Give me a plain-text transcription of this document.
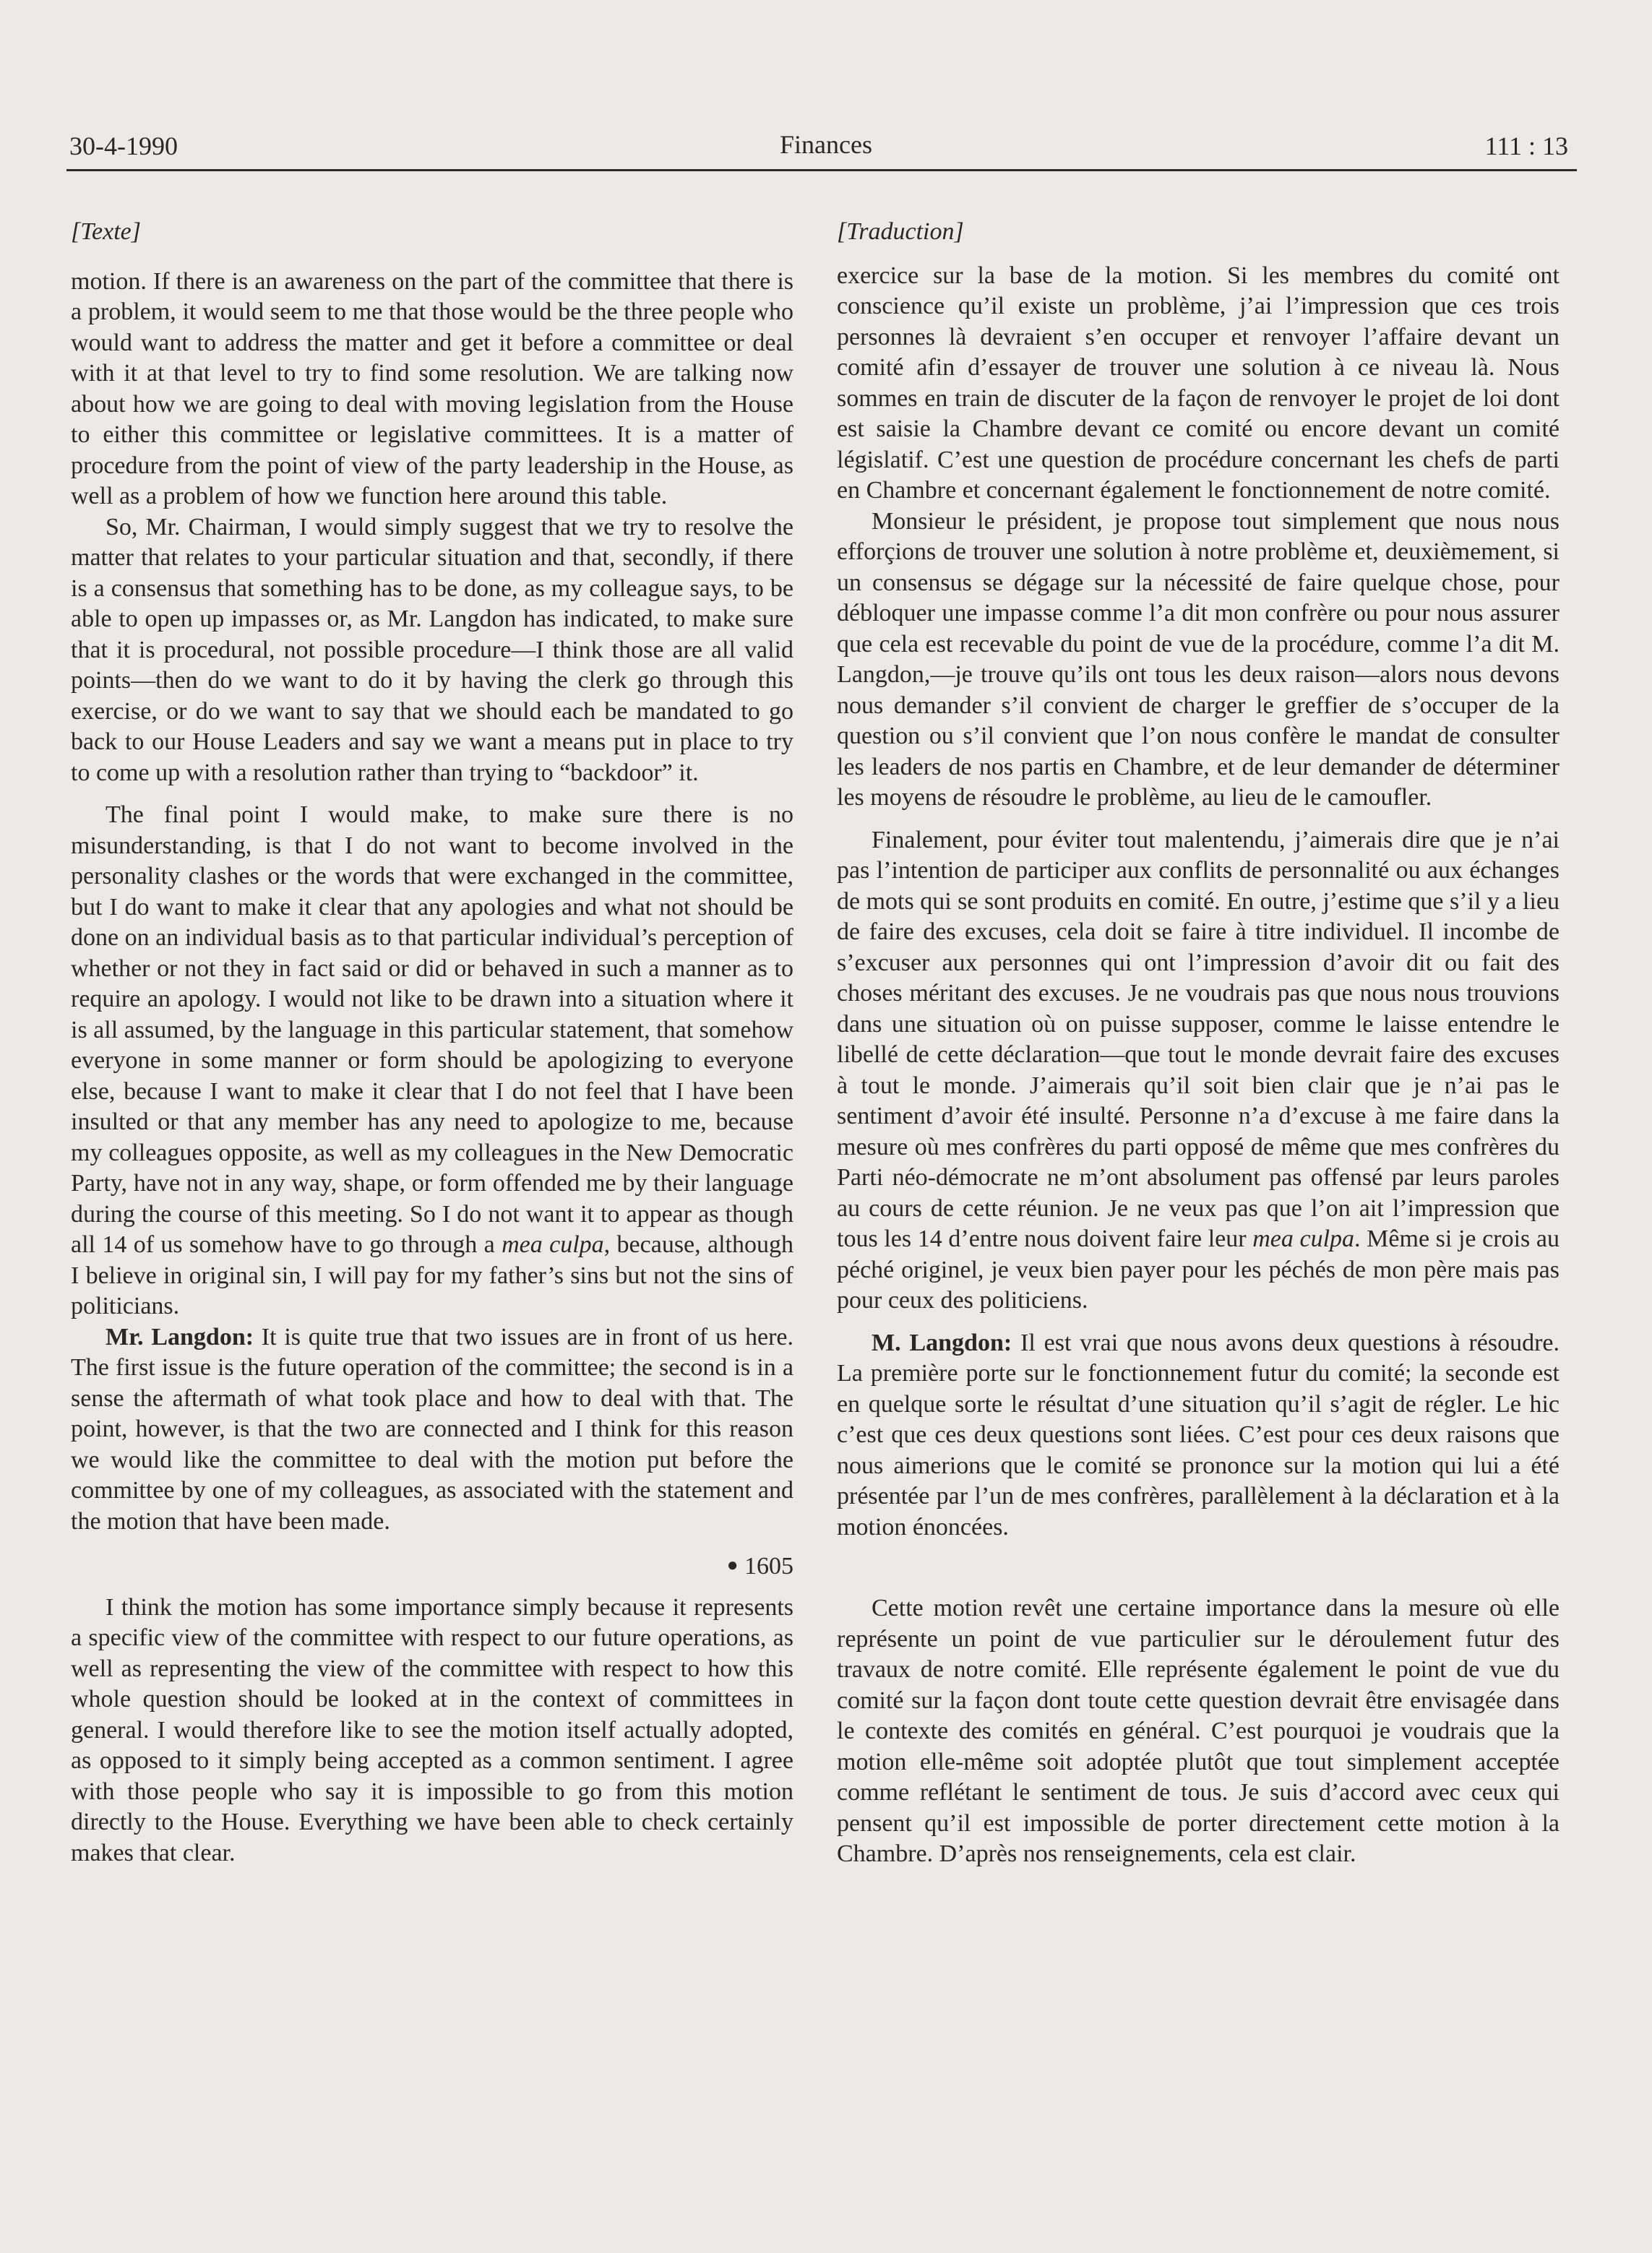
30-4-1990	Finances	111 : 13
[Texte]

motion. If there is an awareness on the part of the committee that there is a problem, it would seem to me that those would be the three people who would want to address the matter and get it before a committee or deal with it at that level to try to find some resolution. We are talking now about how we are going to deal with moving legislation from the House to either this committee or legislative committees. It is a matter of procedure from the point of view of the party leadership in the House, as well as a problem of how we function here around this table.

So, Mr. Chairman, I would simply suggest that we try to resolve the matter that relates to your particular situation and that, secondly, if there is a consensus that something has to be done, as my colleague says, to be able to open up impasses or, as Mr. Langdon has indicated, to make sure that it is procedural, not possible procedure—I think those are all valid points—then do we want to do it by having the clerk go through this exercise, or do we want to say that we should each be mandated to go back to our House Leaders and say we want a means put in place to try to come up with a resolution rather than trying to “backdoor” it.

The final point I would make, to make sure there is no misunderstanding, is that I do not want to become involved in the personality clashes or the words that were exchanged in the committee, but I do want to make it clear that any apologies and what not should be done on an individual basis as to that particular individual’s perception of whether or not they in fact said or did or behaved in such a manner as to require an apology. I would not like to be drawn into a situation where it is all assumed, by the language in this particular statement, that somehow everyone in some manner or form should be apologizing to everyone else, because I want to make it clear that I do not feel that I have been insulted or that any member has any need to apologize to me, because my colleagues opposite, as well as my colleagues in the New Democratic Party, have not in any way, shape, or form offended me by their language during the course of this meeting. So I do not want it to appear as though all 14 of us somehow have to go through a mea culpa, because, although I believe in original sin, I will pay for my father’s sins but not the sins of politicians.

Mr. Langdon: It is quite true that two issues are in front of us here. The first issue is the future operation of the committee; the second is in a sense the aftermath of what took place and how to deal with that. The point, however, is that the two are connected and I think for this reason we would like the committee to deal with the motion put before the committee by one of my colleagues, as associated with the statement and the motion that have been made.

● 1605

I think the motion has some importance simply because it represents a specific view of the committee with respect to our future operations, as well as representing the view of the committee with respect to how this whole question should be looked at in the context of committees in general. I would therefore like to see the motion itself actually adopted, as opposed to it simply being accepted as a common sentiment. I agree with those people who say it is impossible to go from this motion directly to the House. Everything we have been able to check certainly makes that clear.

[Traduction]

exercice sur la base de la motion. Si les membres du comité ont conscience qu’il existe un problème, j’ai l’impression que ces trois personnes là devraient s’en occuper et renvoyer l’affaire devant un comité afin d’essayer de trouver une solution à ce niveau là. Nous sommes en train de discuter de la façon de renvoyer le projet de loi dont est saisie la Chambre devant ce comité ou encore devant un comité législatif. C’est une question de procédure concernant les chefs de parti en Chambre et concernant également le fonctionnement de notre comité.

Monsieur le président, je propose tout simplement que nous nous efforçions de trouver une solution à notre problème et, deuxièmement, si un consensus se dégage sur la nécessité de faire quelque chose, pour débloquer une impasse comme l’a dit mon confrère ou pour nous assurer que cela est recevable du point de vue de la procédure, comme l’a dit M. Langdon,—je trouve qu’ils ont tous les deux raison—alors nous devons nous demander s’il convient de charger le greffier de s’occuper de la question ou s’il convient que l’on nous confère le mandat de consulter les leaders de nos partis en Chambre, et de leur demander de déterminer les moyens de résoudre le problème, au lieu de le camoufler.

Finalement, pour éviter tout malentendu, j’aimerais dire que je n’ai pas l’intention de participer aux conflits de personnalité ou aux échanges de mots qui se sont produits en comité. En outre, j’estime que s’il y a lieu de faire des excuses, cela doit se faire à titre individuel. Il incombe de s’excuser aux personnes qui ont l’impression d’avoir dit ou fait des choses méritant des excuses. Je ne voudrais pas que nous nous trouvions dans une situation où on puisse supposer, comme le laisse entendre le libellé de cette déclaration—que tout le monde devrait faire des excuses à tout le monde. J’aimerais qu’il soit bien clair que je n’ai pas le sentiment d’avoir été insulté. Personne n’a d’excuse à me faire dans la mesure où mes confrères du parti opposé de même que mes confrères du Parti néo-démocrate ne m’ont absolument pas offensé par leurs paroles au cours de cette réunion. Je ne veux pas que l’on ait l’impression que tous les 14 d’entre nous doivent faire leur mea culpa. Même si je crois au péché originel, je veux bien payer pour les péchés de mon père mais pas pour ceux des politiciens.

M. Langdon: Il est vrai que nous avons deux questions à résoudre. La première porte sur le fonctionnement futur du comité; la seconde est en quelque sorte le résultat d’une situation qu’il s’agit de régler. Le hic c’est que ces deux questions sont liées. C’est pour ces deux raisons que nous aimerions que le comité se prononce sur la motion qui lui a été présentée par l’un de mes confrères, parallèlement à la déclaration et à la motion énoncées.

Cette motion revêt une certaine importance dans la mesure où elle représente un point de vue particulier sur le déroulement futur des travaux de notre comité. Elle représente également le point de vue du comité sur la façon dont toute cette question devrait être envisagée dans le contexte des comités en général. C’est pourquoi je voudrais que la motion elle-même soit adoptée plutôt que tout simplement acceptée comme reflétant le sentiment de tous. Je suis d’accord avec ceux qui pensent qu’il est impossible de porter directement cette motion à la Chambre. D’après nos renseignements, cela est clair.
